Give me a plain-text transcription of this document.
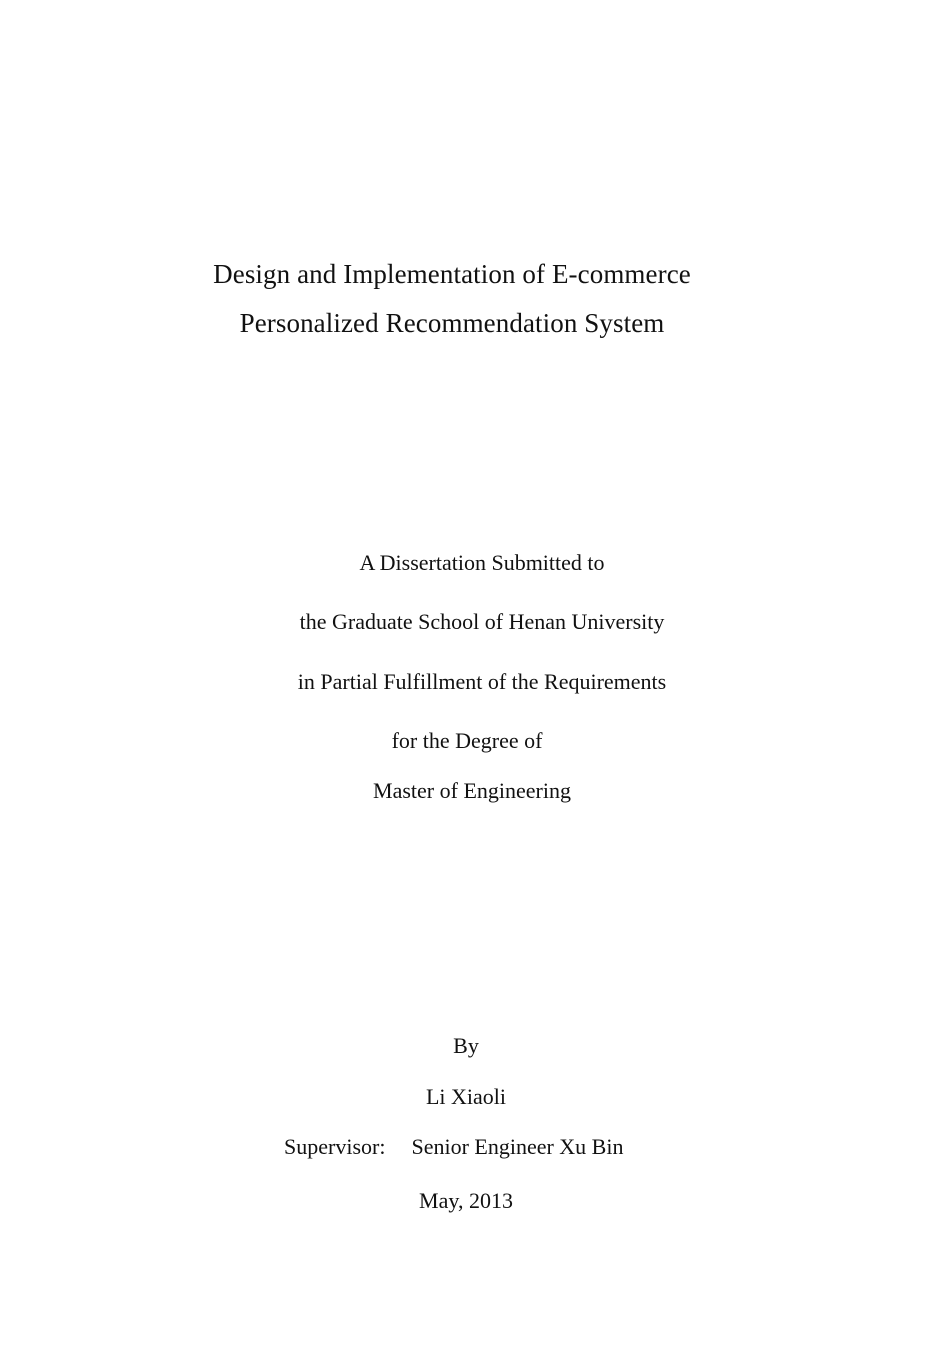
Design and Implementation of E-commerce
Personalized Recommendation System
A Dissertation Submitted to
the Graduate School of Henan University
in Partial Fulfillment of the Requirements
for the Degree of
Master of Engineering
By
Li Xiaoli
Supervisor: Senior Engineer Xu Bin
May, 2013
